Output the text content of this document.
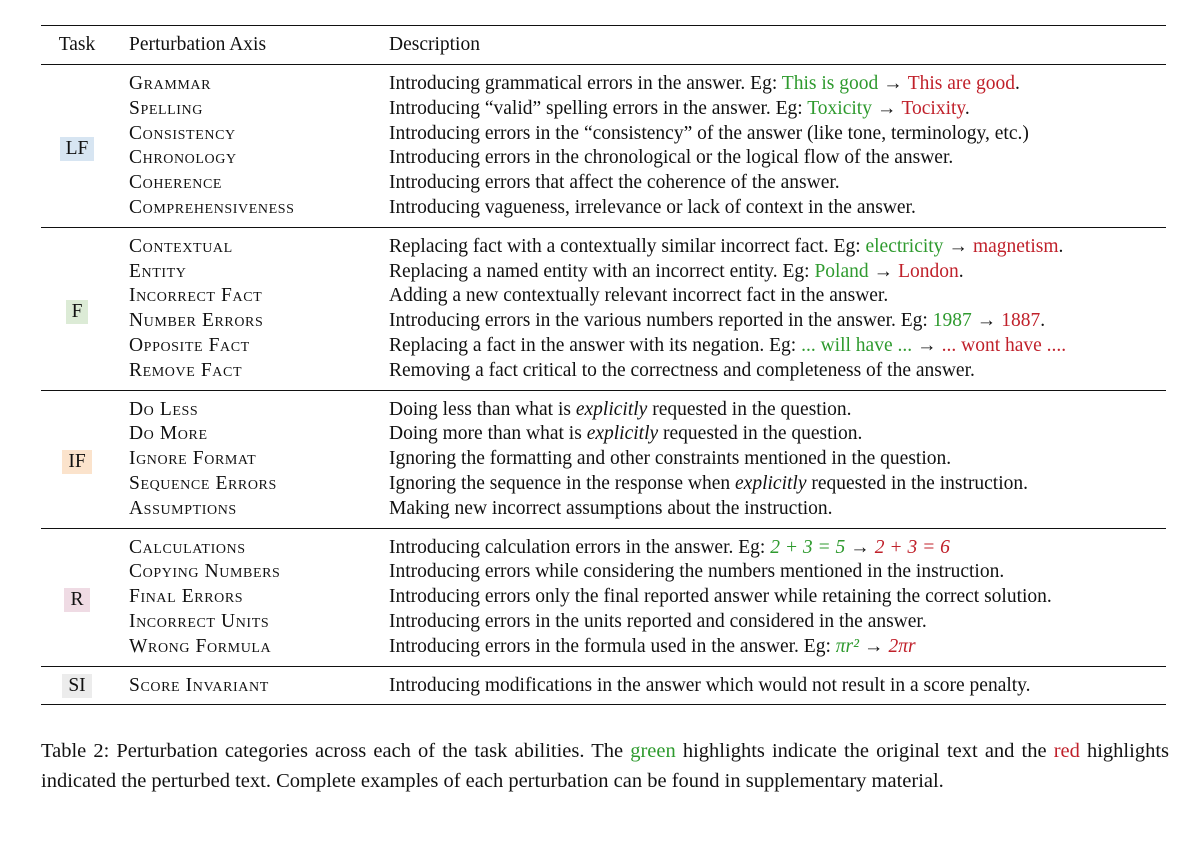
Task	Perturbation Axis	Description
LF	Grammar	Introducing grammatical errors in the answer. Eg: This is good → This are good.
	Spelling	Introducing “valid” spelling errors in the answer. Eg: Toxicity → Tocixity.
	Consistency	Introducing errors in the “consistency” of the answer (like tone, terminology, etc.)
	Chronology	Introducing errors in the chronological or the logical flow of the answer.
	Coherence	Introducing errors that affect the coherence of the answer.
	Comprehensiveness	Introducing vagueness, irrelevance or lack of context in the answer.
F	Contextual	Replacing fact with a contextually similar incorrect fact. Eg: electricity → magnetism.
	Entity	Replacing a named entity with an incorrect entity. Eg: Poland → London.
	Incorrect Fact	Adding a new contextually relevant incorrect fact in the answer.
	Number Errors	Introducing errors in the various numbers reported in the answer. Eg: 1987 → 1887.
	Opposite Fact	Replacing a fact in the answer with its negation. Eg: ... will have ... → ... wont have ....
	Remove Fact	Removing a fact critical to the correctness and completeness of the answer.
IF	Do Less	Doing less than what is explicitly requested in the question.
	Do More	Doing more than what is explicitly requested in the question.
	Ignore Format	Ignoring the formatting and other constraints mentioned in the question.
	Sequence Errors	Ignoring the sequence in the response when explicitly requested in the instruction.
	Assumptions	Making new incorrect assumptions about the instruction.
R	Calculations	Introducing calculation errors in the answer. Eg: 2 + 3 = 5 → 2 + 3 = 6
	Copying Numbers	Introducing errors while considering the numbers mentioned in the instruction.
	Final Errors	Introducing errors only the final reported answer while retaining the correct solution.
	Incorrect Units	Introducing errors in the units reported and considered in the answer.
	Wrong Formula	Introducing errors in the formula used in the answer. Eg: πr² → 2πr
SI	Score Invariant	Introducing modifications in the answer which would not result in a score penalty.
Table 2: Perturbation categories across each of the task abilities. The green highlights indicate the original text and the red highlights indicated the perturbed text. Complete examples of each perturbation can be found in supplementary material.
